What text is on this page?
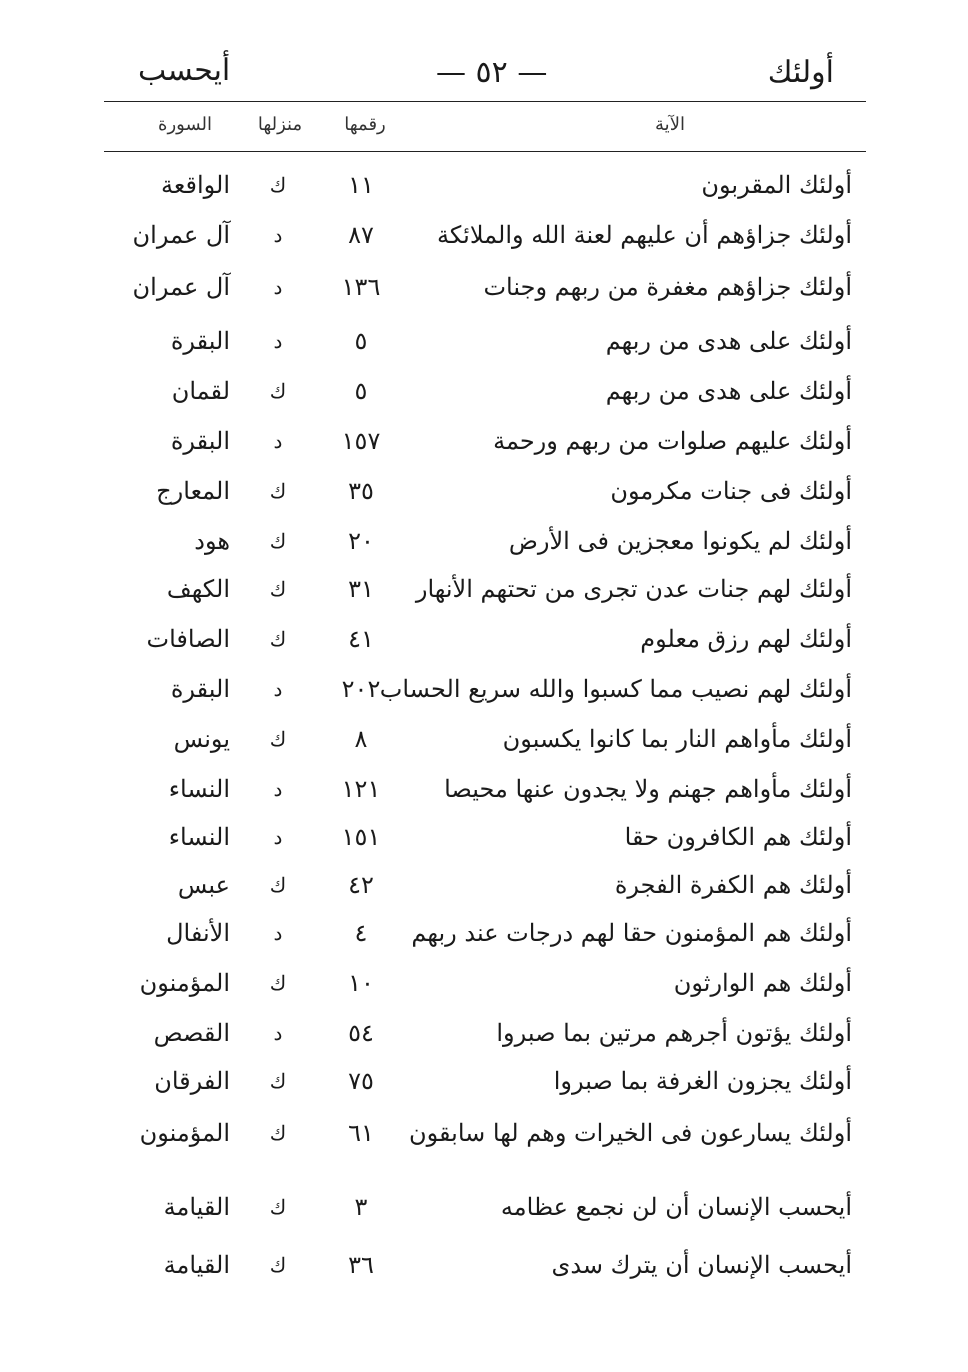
أولئك
— ٥٢ —
أيحسب
الآية
رقمها
منزلها
السورة
أولئك المقربون
١١
ك
الواقعة
أولئك جزاؤهم أن عليهم لعنة الله والملائكة
٨٧
د
آل عمران
أولئك جزاؤهم مغفرة من ربهم وجنات
١٣٦
د
آل عمران
أولئك على هدى من ربهم
٥
د
البقرة
أولئك على هدى من ربهم
٥
ك
لقمان
أولئك عليهم صلوات من ربهم ورحمة
١٥٧
د
البقرة
أولئك فى جنات مكرمون
٣٥
ك
المعارج
أولئك لم يكونوا معجزين فى الأرض
٢٠
ك
هود
أولئك لهم جنات عدن تجرى من تحتهم الأنهار
٣١
ك
الكهف
أولئك لهم رزق معلوم
٤١
ك
الصافات
أولئك لهم نصيب مما كسبوا والله سريع الحساب
٢٠٢
د
البقرة
أولئك مأواهم النار بما كانوا يكسبون
٨
ك
يونس
أولئك مأواهم جهنم ولا يجدون عنها محيصا
١٢١
د
النساء
أولئك هم الكافرون حقا
١٥١
د
النساء
أولئك هم الكفرة الفجرة
٤٢
ك
عبس
أولئك هم المؤمنون حقا لهم درجات عند ربهم
٤
د
الأنفال
أولئك هم الوارثون
١٠
ك
المؤمنون
أولئك يؤتون أجرهم مرتين بما صبروا
٥٤
د
القصص
أولئك يجزون الغرفة بما صبروا
٧٥
ك
الفرقان
أولئك يسارعون فى الخيرات وهم لها سابقون
٦١
ك
المؤمنون
أيحسب الإنسان أن لن نجمع عظامه
٣
ك
القيامة
أيحسب الإنسان أن يترك سدى
٣٦
ك
القيامة
